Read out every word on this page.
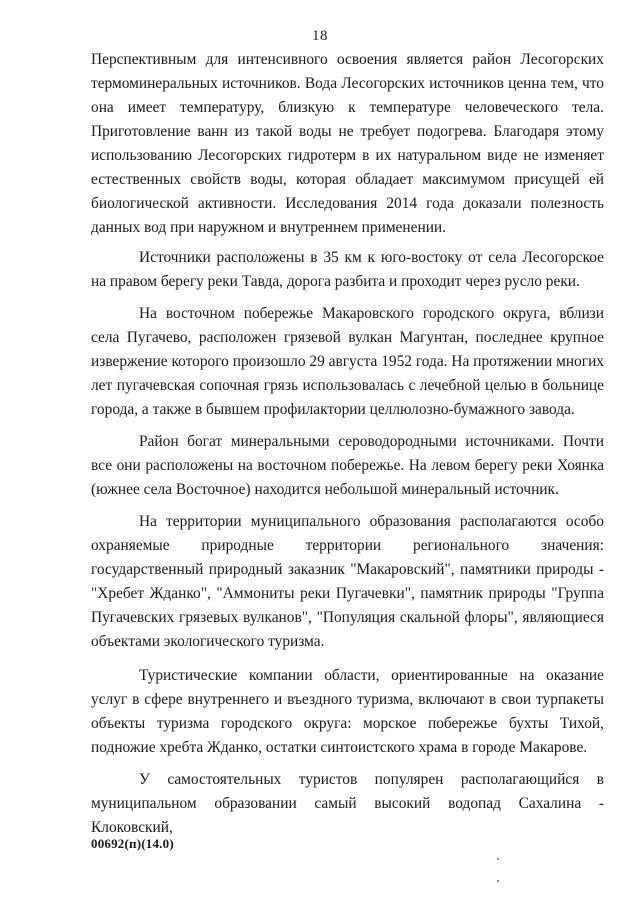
18

Перспективным для интенсивного освоения является район Лесогорских термоминеральных источников. Вода Лесогорских источников ценна тем, что она имеет температуру, близкую к температуре человеческого тела. Приготовление ванн из такой воды не требует подогрева. Благодаря этому использованию Лесогорских гидротерм в их натуральном виде не изменяет естественных свойств воды, которая обладает максимумом присущей ей биологической активности. Исследования 2014 года доказали полезность данных вод при наружном и внутреннем применении.

Источники расположены в 35 км к юго-востоку от села Лесогорское на правом берегу реки Тавда, дорога разбита и проходит через русло реки.

На восточном побережье Макаровского городского округа, вблизи села Пугачево, расположен грязевой вулкан Магунтан, последнее крупное извержение которого произошло 29 августа 1952 года. На протяжении многих лет пугачевская сопочная грязь использовалась с лечебной целью в больнице города, а также в бывшем профилактории целлюлозно-бумажного завода.

Район богат минеральными сероводородными источниками. Почти все они расположены на восточном побережье. На левом берегу реки Хоянка (южнее села Восточное) находится небольшой минеральный источник.

На территории муниципального образования располагаются особо охраняемые природные территории регионального значения: государственный природный заказник "Макаровский", памятники природы - "Хребет Жданко", "Аммониты реки Пугачевки", памятник природы "Группа Пугачевских грязевых вулканов", "Популяция скальной флоры", являющиеся объектами экологического туризма.

Туристические компании области, ориентированные на оказание услуг в сфере внутреннего и въездного туризма, включают в свои турпакеты объекты туризма городского округа: морское побережье бухты Тихой, подножие хребта Жданко, остатки синтоистского храма в городе Макарове.

У самостоятельных туристов популярен располагающийся в муниципальном образовании самый высокий водопад Сахалина - Клоковский,

00692(п)(14.0)
